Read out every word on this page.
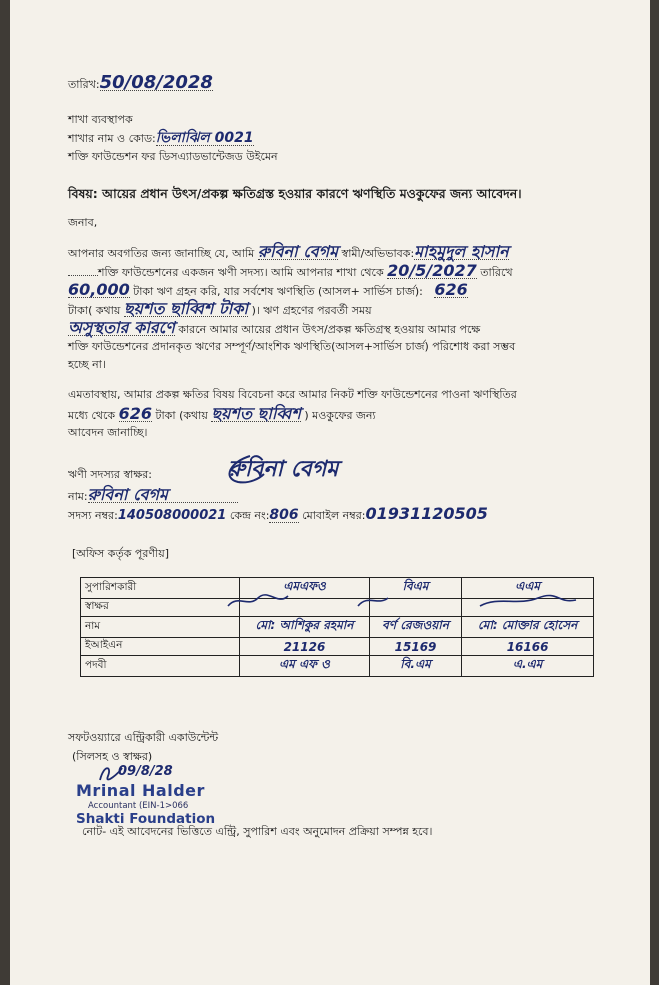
তারিখ:50/08/2028
শাখা ব্যবস্থাপক
শাখার নাম ও কোড:ভিলাঝিল 0021
শক্তি ফাউন্ডেশন ফর ডিসএ্যাডভান্টেজড উইমেন
বিষয়: আয়ের প্রধান উৎস/প্রকল্প ক্ষতিগ্রস্ত হওয়ার কারণে ঋণস্থিতি মওকুফের জন্য আবেদন।
জনাব,
আপনার অবগতির জন্য জানাচ্ছি যে, আমি রুবিনা বেগম স্বামী/অভিভাবক:মাহমুদুল হাসান
শক্তি ফাউন্ডেশনের একজন ঋণী সদস্য। আমি আপনার শাখা থেকে 20/5/2027 তারিখে
60,000 টাকা ঋণ গ্রহন করি, যার সর্বশেষ ঋণস্থিতি (আসল+ সার্ভিস চার্জ): 626
টাকা( কথায় ছয়শত ছাব্বিশ টাকা )। ঋণ গ্রহণের পরবর্তী সময়
অসুস্থতার কারণে কারনে আমার আয়ের প্রধান উৎস/প্রকল্প ক্ষতিগ্রস্থ হওয়ায় আমার পক্ষে
শক্তি ফাউন্ডেশনের প্রদানকৃত ঋণের সম্পূর্ণ/আংশিক ঋণস্থিতি(আসল+সার্ভিস চার্জ) পরিশোধ করা সম্ভব
হচ্ছে না।
এমতাবস্থায়, আমার প্রকল্প ক্ষতির বিষয় বিবেচনা করে আমার নিকট শক্তি ফাউন্ডেশনের পাওনা ঋণস্থিতির
মধ্যে থেকে 626 টাকা (কথায় ছয়শত ছাব্বিশ ) মওকুফের জন্য
আবেদন জানাচ্ছি।
ঋণী সদস্যর স্বাক্ষর:	রুবিনা বেগম
নাম:রুবিনা বেগম
সদস্য নম্বর:140508000021 কেন্দ্র নং:806 মোবাইল নম্বর:01931120505
[অফিস কর্তৃক পূরণীয়]
সুপারিশকারী	এমএফও	বিএম	এএম
স্বাক্ষর			
নাম	মো: আশিকুর রহমান	বর্ণ রেজওয়ান	মো: মোক্তার হোসেন
ইআইএন	21126	15169	16166
পদবী	এম এফ ও	বি.এম	এ.এম
সফটওয়্যারে এন্ট্রিকারী একাউন্টেন্ট
(সিলসহ ও স্বাক্ষর)
09/8/28
Mrinal Halder
Accountant (EIN-1>066
Shakti Foundation
নোট- এই আবেদনের ভিত্তিতে এন্ট্রি, সুপারিশ এবং অনুমোদন প্রক্রিয়া সম্পন্ন হবে।
